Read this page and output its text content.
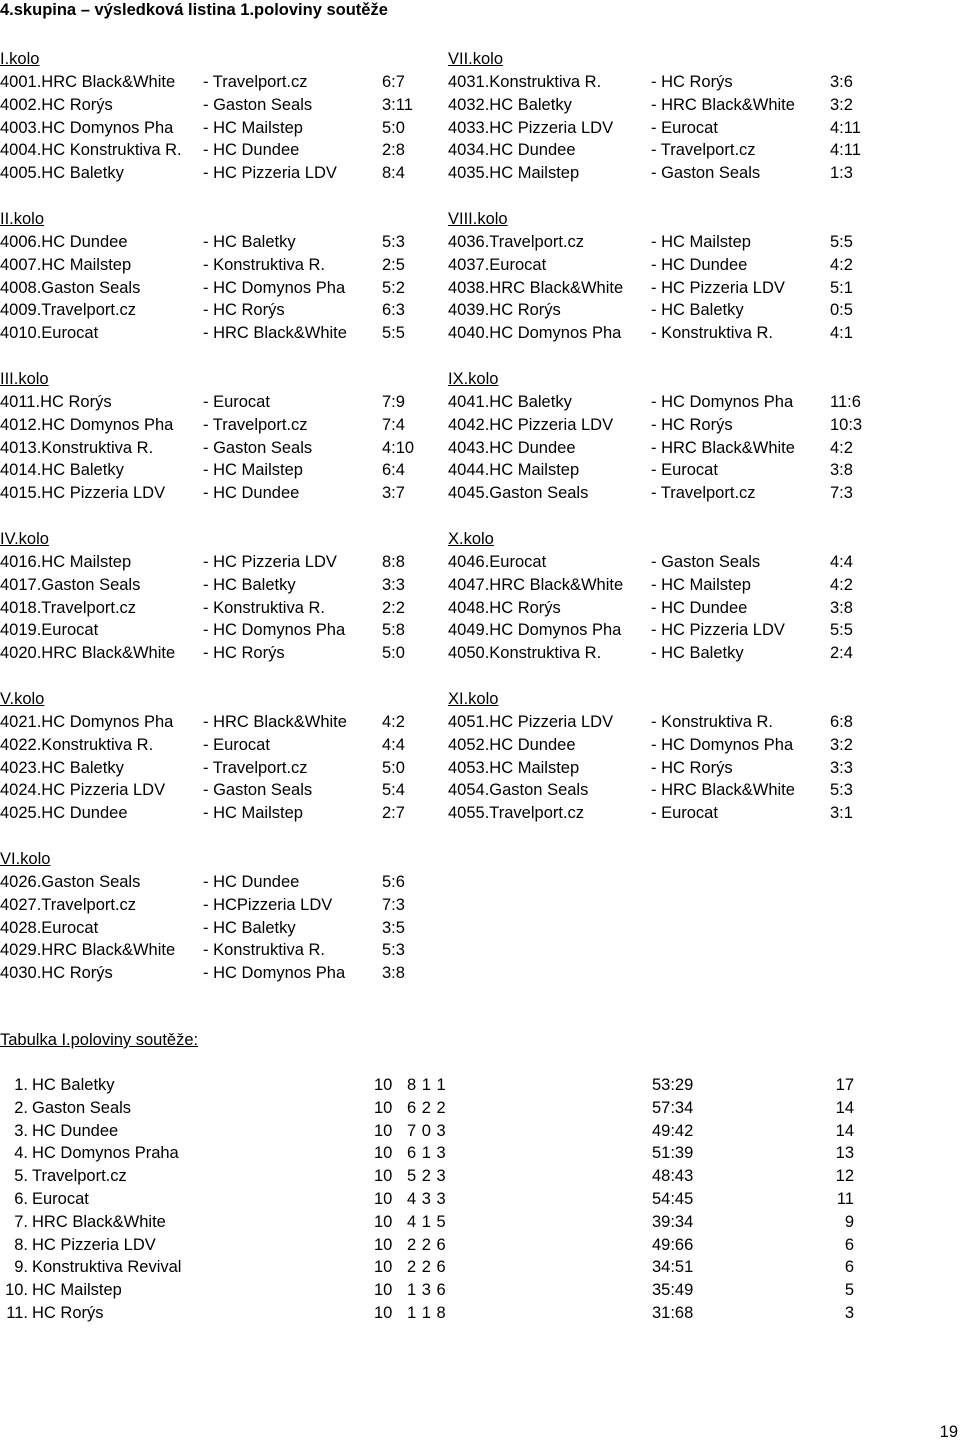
4.skupina – výsledková listina 1.poloviny soutěže
I.kolo
4001.HRC Black&White - Travelport.cz	6:7
4002.HC Rorýs	- Gaston Seals	3:11
4003.HC Domynos Pha - HC Mailstep	5:0
4004.HC Konstruktiva R. - HC Dundee	2:8
4005.HC Baletky	- HC Pizzeria LDV	8:4
II.kolo
4006.HC Dundee	- HC Baletky	5:3
4007.HC Mailstep	- Konstruktiva R.	2:5
4008.Gaston Seals	- HC Domynos Pha 5:2
4009.Travelport.cz	- HC Rorýs	6:3
4010.Eurocat	- HRC Black&White 5:5
III.kolo
4011.HC Rorýs	- Eurocat	7:9
4012.HC Domynos Pha - Travelport.cz	7:4
4013.Konstruktiva R.	- Gaston Seals	4:10
4014.HC Baletky	- HC Mailstep	6:4
4015.HC Pizzeria LDV - HC Dundee	3:7
IV.kolo
4016.HC Mailstep	- HC Pizzeria LDV	8:8
4017.Gaston Seals	- HC Baletky	3:3
4018.Travelport.cz	- Konstruktiva R.	2:2
4019.Eurocat	- HC Domynos Pha 5:8
4020.HRC Black&White - HC Rorýs	5:0
V.kolo
4021.HC Domynos Pha - HRC Black&White 4:2
4022.Konstruktiva R.	- Eurocat	4:4
4023.HC Baletky	- Travelport.cz	5:0
4024.HC Pizzeria LDV - Gaston Seals	5:4
4025.HC Dundee	- HC Mailstep	2:7
VI.kolo
4026.Gaston Seals	- HC Dundee	5:6
4027.Travelport.cz	- HCPizzeria LDV	7:3
4028.Eurocat	- HC Baletky	3:5
4029.HRC Black&White - Konstruktiva R.	5:3
4030.HC Rorýs	- HC Domynos Pha 3:8
VII.kolo
4031.Konstruktiva R.	- HC Rorýs	3:6
4032.HC Baletky	- HRC Black&White 3:2
4033.HC Pizzeria LDV - Eurocat	4:11
4034.HC Dundee	- Travelport.cz	4:11
4035.HC Mailstep	- Gaston Seals	1:3
VIII.kolo
4036.Travelport.cz	- HC Mailstep	5:5
4037.Eurocat	- HC Dundee	4:2
4038.HRC Black&White - HC Pizzeria LDV	5:1
4039.HC Rorýs	- HC Baletky	0:5
4040.HC Domynos Pha - Konstruktiva R.	4:1
IX.kolo
4041.HC Baletky	- HC Domynos Pha 11:6
4042.HC Pizzeria LDV - HC Rorýs	10:3
4043.HC Dundee	- HRC Black&White 4:2
4044.HC Mailstep	- Eurocat	3:8
4045.Gaston Seals	- Travelport.cz	7:3
X.kolo
4046.Eurocat	- Gaston Seals	4:4
4047.HRC Black&White - HC Mailstep	4:2
4048.HC Rorýs	- HC Dundee	3:8
4049.HC Domynos Pha - HC Pizzeria LDV	5:5
4050.Konstruktiva R.	- HC Baletky	2:4
XI.kolo
4051.HC Pizzeria LDV - Konstruktiva R.	6:8
4052.HC Dundee	- HC Domynos Pha 3:2
4053.HC Mailstep	- HC Rorýs	3:3
4054.Gaston Seals	- HRC Black&White 5:3
4055.Travelport.cz	- Eurocat	3:1
Tabulka I.poloviny soutěže:
1. HC Baletky	10 8 1 1	53:29	17
2. Gaston Seals	10 6 2 2	57:34	14
3. HC Dundee	10 7 0 3	49:42	14
4. HC Domynos Praha	10 6 1 3	51:39	13
5. Travelport.cz	10 5 2 3	48:43	12
6. Eurocat	10 4 3 3	54:45	11
7. HRC Black&White	10 4 1 5	39:34	9
8. HC Pizzeria LDV	10 2 2 6	49:66	6
9. Konstruktiva Revival	10 2 2 6	34:51	6
10. HC Mailstep	10 1 3 6	35:49	5
11. HC Rorýs	10 1 1 8	31:68	3
19
